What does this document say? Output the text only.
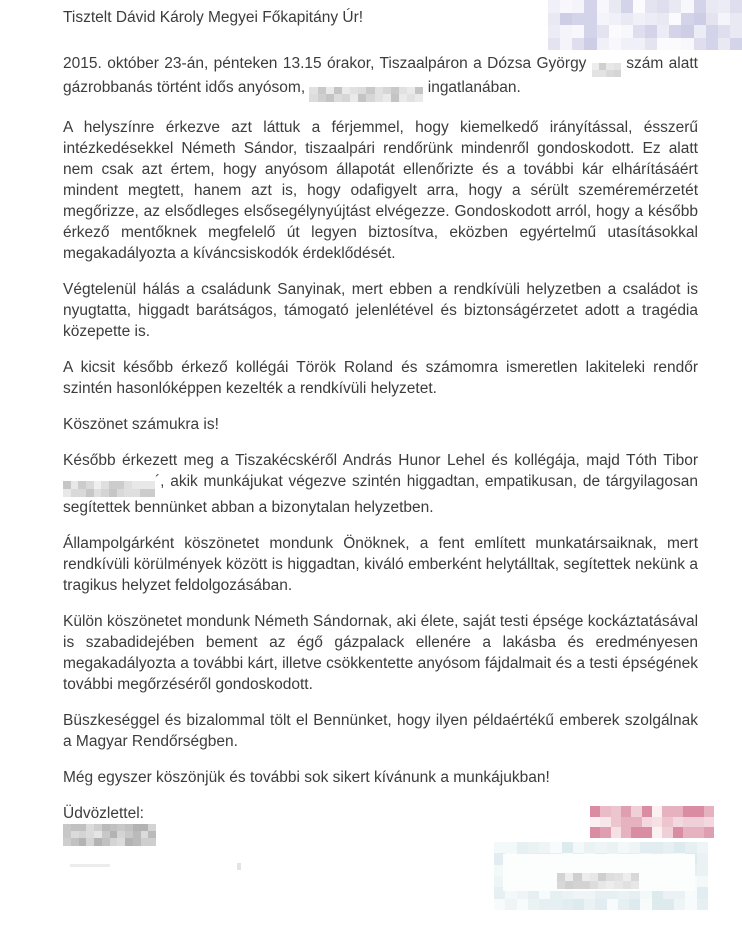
Tisztelt Dávid Károly Megyei Főkapitány Úr!

2015. október 23-án, pénteken 13.15 órakor, Tiszaalpáron a Dózsa György	szám alatt gázrobbanás történt idős anyósom,	ingatlanában.

A helyszínre érkezve azt láttuk a férjemmel, hogy kiemelkedő irányítással, ésszerű intézkedésekkel Németh Sándor, tiszaalpári rendőrünk mindenről gondoskodott. Ez alatt nem csak azt értem, hogy anyósom állapotát ellenőrizte és a további kár elhárításáért mindent megtett, hanem azt is, hogy odafigyelt arra, hogy a sérült szeméremérzetét megőrizze, az elsődleges elsősegélynyújtást elvégezze. Gondoskodott arról, hogy a később érkező mentőknek megfelelő út legyen biztosítva, eközben egyértelmű utasításokkal megakadályozta a kíváncsiskodók érdeklődését.

Végtelenül hálás a családunk Sanyinak, mert ebben a rendkívüli helyzetben a családot is nyugtatta, higgadt barátságos, támogató jelenlétével és biztonságérzetet adott a tragédia közepette is.

A kicsit később érkező kollégái Török Roland és számomra ismeretlen lakiteleki rendőr szintén hasonlóképpen kezelték a rendkívüli helyzetet.

Köszönet számukra is!

Később érkezett meg a Tiszakécskéről András Hunor Lehel és kollégája, majd Tóth Tibor
´, akik munkájukat végezve szintén higgadtan, empatikusan, de tárgyilagosan segítettek bennünket abban a bizonytalan helyzetben.

Állampolgárként köszönetet mondunk Önöknek, a fent említett munkatársaiknak, mert rendkívüli körülmények között is higgadtan, kiváló emberként helytálltak, segítettek nekünk a tragikus helyzet feldolgozásában.

Külön köszönetet mondunk Németh Sándornak, aki élete, saját testi épsége kockáztatásával is szabadidejében bement az égő gázpalack ellenére a lakásba és eredményesen megakadályozta a további kárt, illetve csökkentette anyósom fájdalmait és a testi épségének további megőrzéséről gondoskodott.

Büszkeséggel és bizalommal tölt el Bennünket, hogy ilyen példaértékű emberek szolgálnak a Magyar Rendőrségben.

Még egyszer köszönjük és további sok sikert kívánunk a munkájukban!

Üdvözlettel:
